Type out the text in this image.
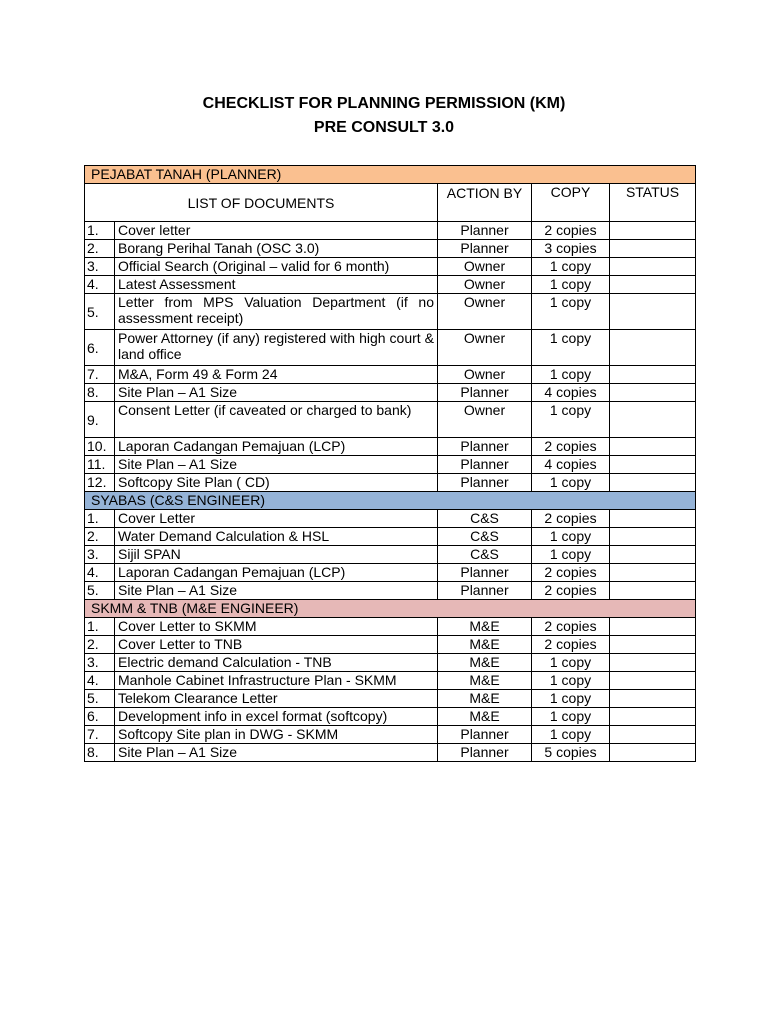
CHECKLIST FOR PLANNING PERMISSION (KM)
PRE CONSULT 3.0
PEJABAT TANAH (PLANNER)				
LIST OF DOCUMENTS		ACTION BY	COPY	STATUS
1.	Cover letter	Planner	2 copies	
2.	Borang Perihal Tanah (OSC 3.0)	Planner	3 copies	
3.	Official Search (Original – valid for 6 month)	Owner	1 copy	
4.	Latest Assessment	Owner	1 copy	
5.	Letter from MPS Valuation Department (if no assessment receipt)	Owner	1 copy	
6.	Power Attorney (if any) registered with high court & land office	Owner	1 copy	
7.	M&A, Form 49 & Form 24	Owner	1 copy	
8.	Site Plan – A1 Size	Planner	4 copies	
9.	Consent Letter (if caveated or charged to bank)	Owner	1 copy	
10.	Laporan Cadangan Pemajuan (LCP)	Planner	2 copies	
11.	Site Plan – A1 Size	Planner	4 copies	
12.	Softcopy Site Plan ( CD)	Planner	1 copy	
SYABAS (C&S ENGINEER)				
1.	Cover Letter	C&S	2 copies	
2.	Water Demand Calculation & HSL	C&S	1 copy	
3.	Sijil SPAN	C&S	1 copy	
4.	Laporan Cadangan Pemajuan (LCP)	Planner	2 copies	
5.	Site Plan – A1 Size	Planner	2 copies	
SKMM & TNB (M&E ENGINEER)				
1.	Cover Letter to SKMM	M&E	2 copies	
2.	Cover Letter to TNB	M&E	2 copies	
3.	Electric demand Calculation - TNB	M&E	1 copy	
4.	Manhole Cabinet Infrastructure Plan - SKMM	M&E	1 copy	
5.	Telekom Clearance Letter	M&E	1 copy	
6.	Development info in excel format (softcopy)	M&E	1 copy	
7.	Softcopy Site plan in DWG - SKMM	Planner	1 copy	
8.	Site Plan – A1 Size	Planner	5 copies	
